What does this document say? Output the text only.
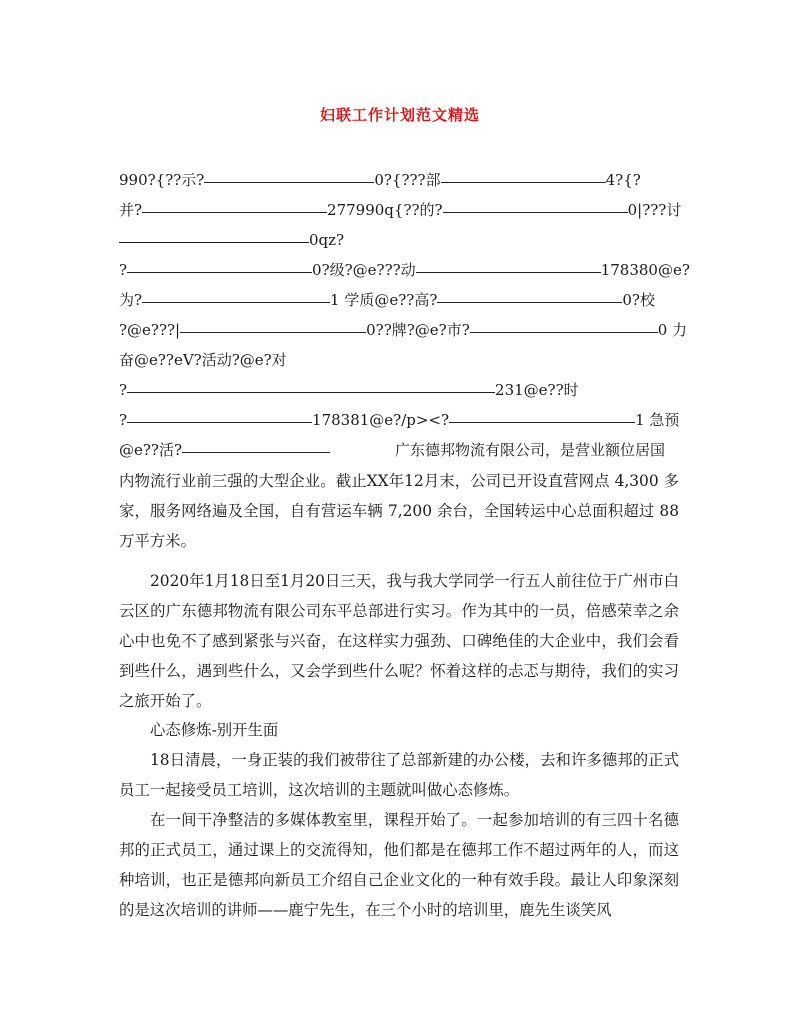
妇联工作计划范文精选
990?{??示?	0?{???部	4?{?
并?	277990q{??的?	0|???讨
0qz?
?	0?级?@e???动	178380@e?
为?	1 学质@e??高?	0?校
?@e???|	0??牌?@e?市?	0 力
奋@e??eV?活动?@e?对
?	231@e??时
?	178381@e?/p><?	1 急预
@e??活?	广东德邦物流有限公司，是营业额位居国
内物流行业前三强的大型企业。截止XX年12月末，公司已开设直营网点 4,300 多家，服务网络遍及全国，自有营运车辆 7,200 余台，全国转运中心总面积超过 88 万平方米。
2020年1月18日至1月20日三天，我与我大学同学一行五人前往位于广州市白云区的广东德邦物流有限公司东平总部进行实习。作为其中的一员，倍感荣幸之余心中也免不了感到紧张与兴奋，在这样实力强劲、口碑绝佳的大企业中，我们会看到些什么，遇到些什么，又会学到些什么呢？怀着这样的忐忑与期待，我们的实习之旅开始了。
心态修炼-别开生面
18日清晨，一身正装的我们被带往了总部新建的办公楼，去和许多德邦的正式员工一起接受员工培训，这次培训的主题就叫做心态修炼。
在一间干净整洁的多媒体教室里，课程开始了。一起参加培训的有三四十名德邦的正式员工，通过课上的交流得知，他们都是在德邦工作不超过两年的人，而这种培训，也正是德邦向新员工介绍自己企业文化的一种有效手段。最让人印象深刻的是这次培训的讲师——鹿宁先生，在三个小时的培训里，鹿先生谈笑风
